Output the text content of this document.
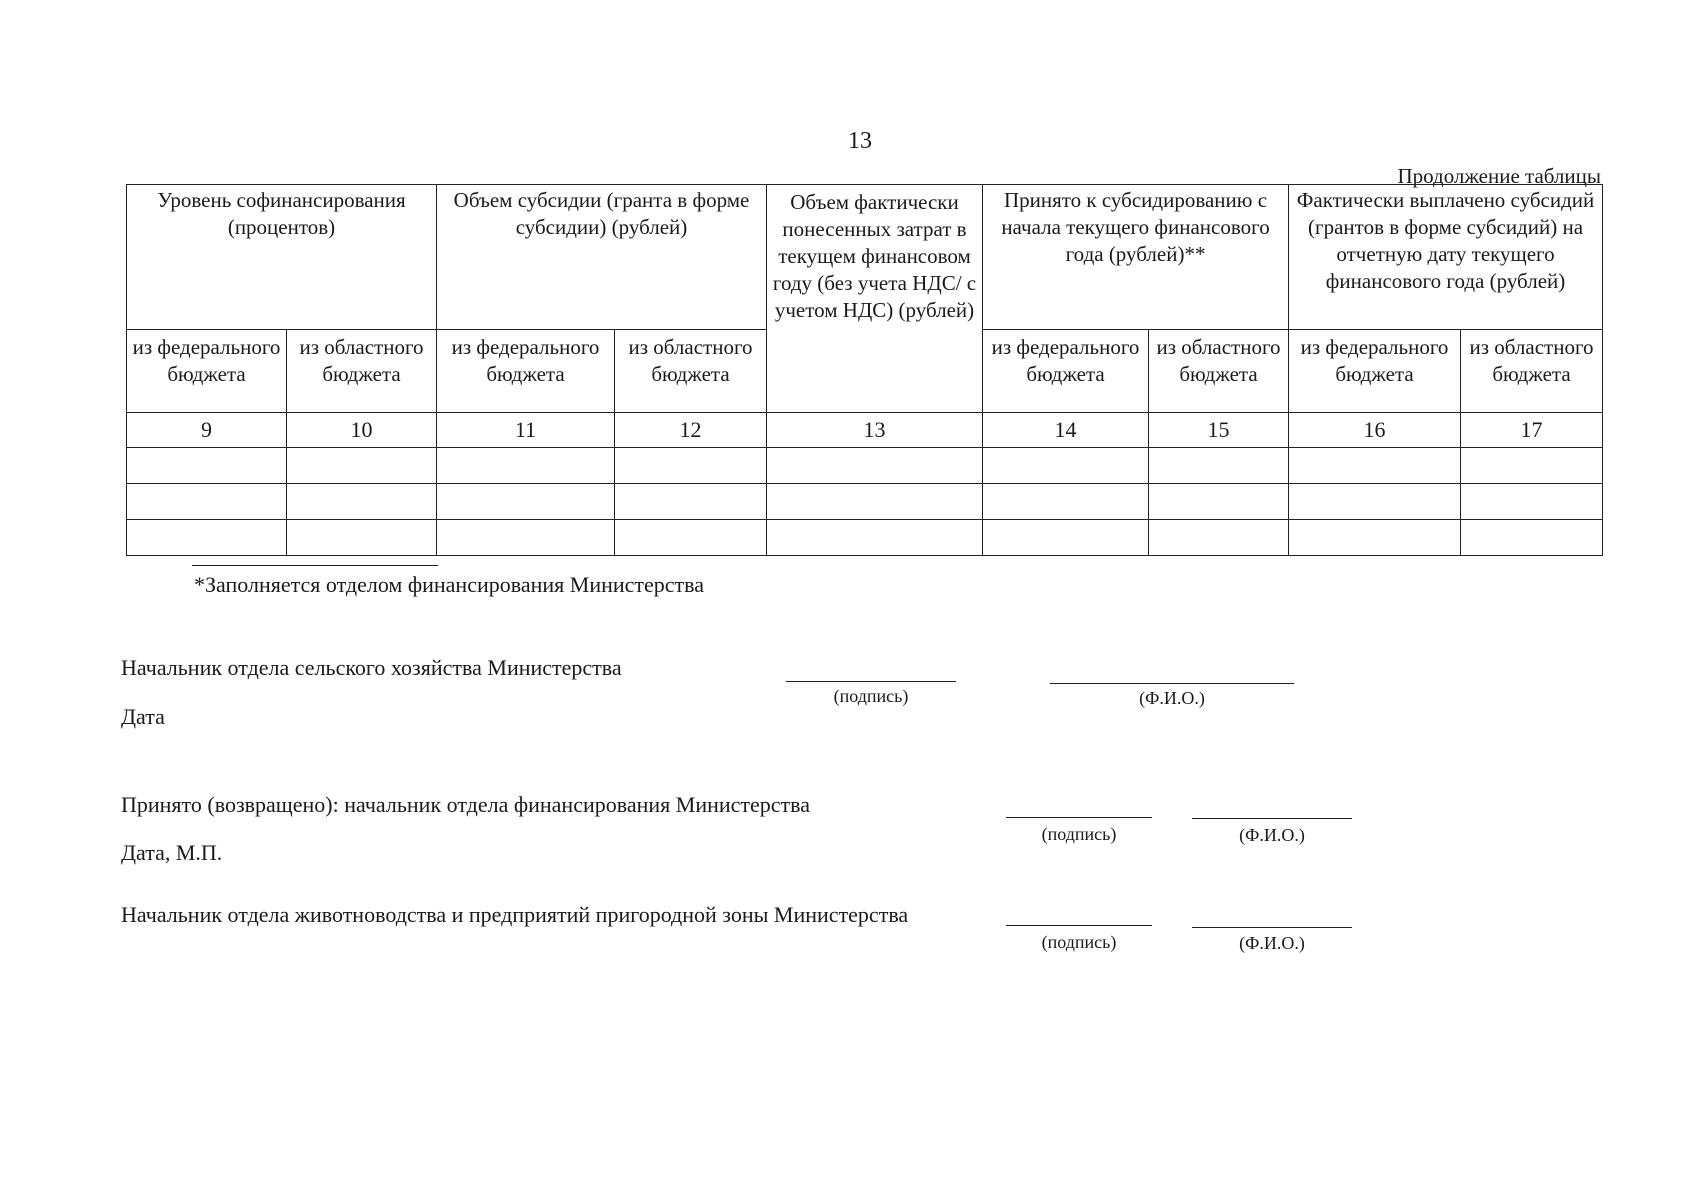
13
Продолжение таблицы
Уровень софинансирования (процентов)		Объем субсидии (гранта в форме субсидии) (рублей)		Объем фактически понесенных затрат в текущем финансовом году (без учета НДС/ с учетом НДС) (рублей)	Принято к субсидированию с начала текущего финансового года (рублей)**		Фактически выплачено субсидий (грантов в форме субсидий) на отчетную дату текущего финансового года (рублей)	
из федерального бюджета	из областного бюджета	из федерального бюджета	из областного бюджета		из федерального бюджета	из областного бюджета	из федерального бюджета	из областного бюджета
9	10	11	12	13	14	15	16	17

*Заполняется отделом финансирования Министерства
Начальник отдела сельского хозяйства Министерства
(подпись)	(Ф.И.О.)
Дата
Принято (возвращено): начальник отдела финансирования Министерства
(подпись)	(Ф.И.О.)
Дата, М.П.
Начальник отдела животноводства и предприятий пригородной зоны Министерства
(подпись)	(Ф.И.О.)
